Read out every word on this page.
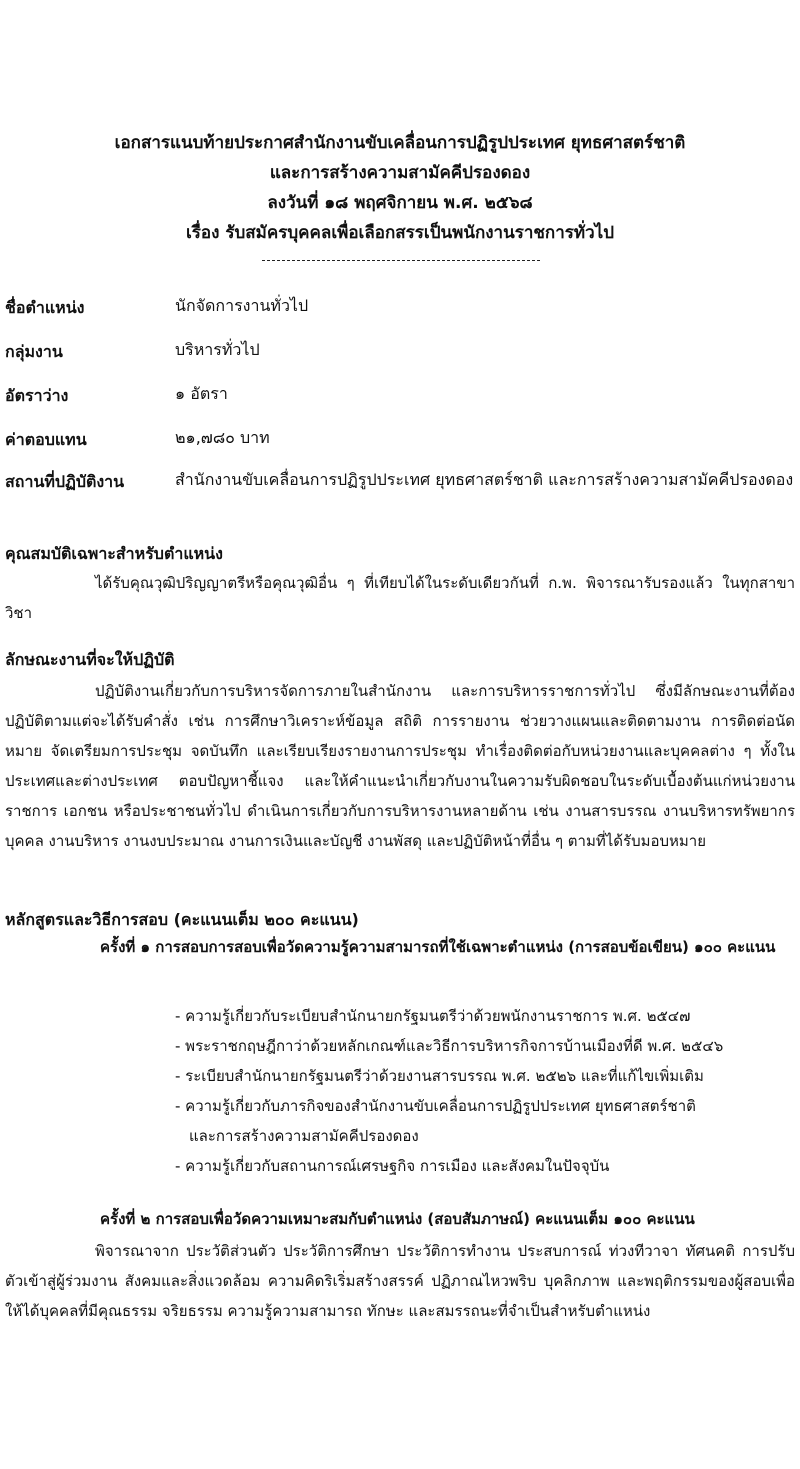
เอกสารแนบท้ายประกาศสำนักงานขับเคลื่อนการปฏิรูปประเทศ ยุทธศาสตร์ชาติ
และการสร้างความสามัคคีปรองดอง
ลงวันที่ ๑๘ พฤศจิกายน พ.ศ. ๒๕๖๘
เรื่อง รับสมัครบุคคลเพื่อเลือกสรรเป็นพนักงานราชการทั่วไป
ชื่อตำแหน่ง	นักจัดการงานทั่วไป
กลุ่มงาน	บริหารทั่วไป
อัตราว่าง	๑ อัตรา
ค่าตอบแทน	๒๑,๗๘๐ บาท
สถานที่ปฏิบัติงาน	สำนักงานขับเคลื่อนการปฏิรูปประเทศ ยุทธศาสตร์ชาติ และการสร้างความสามัคคีปรองดอง
คุณสมบัติเฉพาะสำหรับตำแหน่ง
ได้รับคุณวุฒิปริญญาตรีหรือคุณวุฒิอื่น ๆ ที่เทียบได้ในระดับเดียวกันที่ ก.พ. พิจารณารับรองแล้ว ในทุกสาขาวิชา
ลักษณะงานที่จะให้ปฏิบัติ
ปฏิบัติงานเกี่ยวกับการบริหารจัดการภายในสำนักงาน และการบริหารราชการทั่วไป ซึ่งมีลักษณะงานที่ต้องปฏิบัติตามแต่จะได้รับคำสั่ง เช่น การศึกษาวิเคราะห์ข้อมูล สถิติ การรายงาน ช่วยวางแผนและติดตามงาน การติดต่อนัดหมาย จัดเตรียมการประชุม จดบันทึก และเรียบเรียงรายงานการประชุม ทำเรื่องติดต่อกับหน่วยงานและบุคคลต่าง ๆ ทั้งในประเทศและต่างประเทศ ตอบปัญหาชี้แจง และให้คำแนะนำเกี่ยวกับงานในความรับผิดชอบในระดับเบื้องต้นแก่หน่วยงานราชการ เอกชน หรือประชาชนทั่วไป ดำเนินการเกี่ยวกับการบริหารงานหลายด้าน เช่น งานสารบรรณ งานบริหารทรัพยากรบุคคล งานบริหาร งานงบประมาณ งานการเงินและบัญชี งานพัสดุ และปฏิบัติหน้าที่อื่น ๆ ตามที่ได้รับมอบหมาย
หลักสูตรและวิธีการสอบ (คะแนนเต็ม ๒๐๐ คะแนน)
ครั้งที่ ๑ การสอบการสอบเพื่อวัดความรู้ความสามารถที่ใช้เฉพาะตำแหน่ง (การสอบข้อเขียน) ๑๐๐ คะแนน
- ความรู้เกี่ยวกับระเบียบสำนักนายกรัฐมนตรีว่าด้วยพนักงานราชการ พ.ศ. ๒๕๔๗
- พระราชกฤษฎีกาว่าด้วยหลักเกณฑ์และวิธีการบริหารกิจการบ้านเมืองที่ดี พ.ศ. ๒๕๔๖
- ระเบียบสำนักนายกรัฐมนตรีว่าด้วยงานสารบรรณ พ.ศ. ๒๕๒๖ และที่แก้ไขเพิ่มเติม
- ความรู้เกี่ยวกับภารกิจของสำนักงานขับเคลื่อนการปฏิรูปประเทศ ยุทธศาสตร์ชาติ
และการสร้างความสามัคคีปรองดอง
- ความรู้เกี่ยวกับสถานการณ์เศรษฐกิจ การเมือง และสังคมในปัจจุบัน
ครั้งที่ ๒ การสอบเพื่อวัดความเหมาะสมกับตำแหน่ง (สอบสัมภาษณ์) คะแนนเต็ม ๑๐๐ คะแนน
พิจารณาจาก ประวัติส่วนตัว ประวัติการศึกษา ประวัติการทำงาน ประสบการณ์ ท่วงทีวาจา ทัศนคติ การปรับตัวเข้าสู่ผู้ร่วมงาน สังคมและสิ่งแวดล้อม ความคิดริเริ่มสร้างสรรค์ ปฏิภาณไหวพริบ บุคลิกภาพ และพฤติกรรมของผู้สอบเพื่อให้ได้บุคคลที่มีคุณธรรม จริยธรรม ความรู้ความสามารถ ทักษะ และสมรรถนะที่จำเป็นสำหรับตำแหน่ง
